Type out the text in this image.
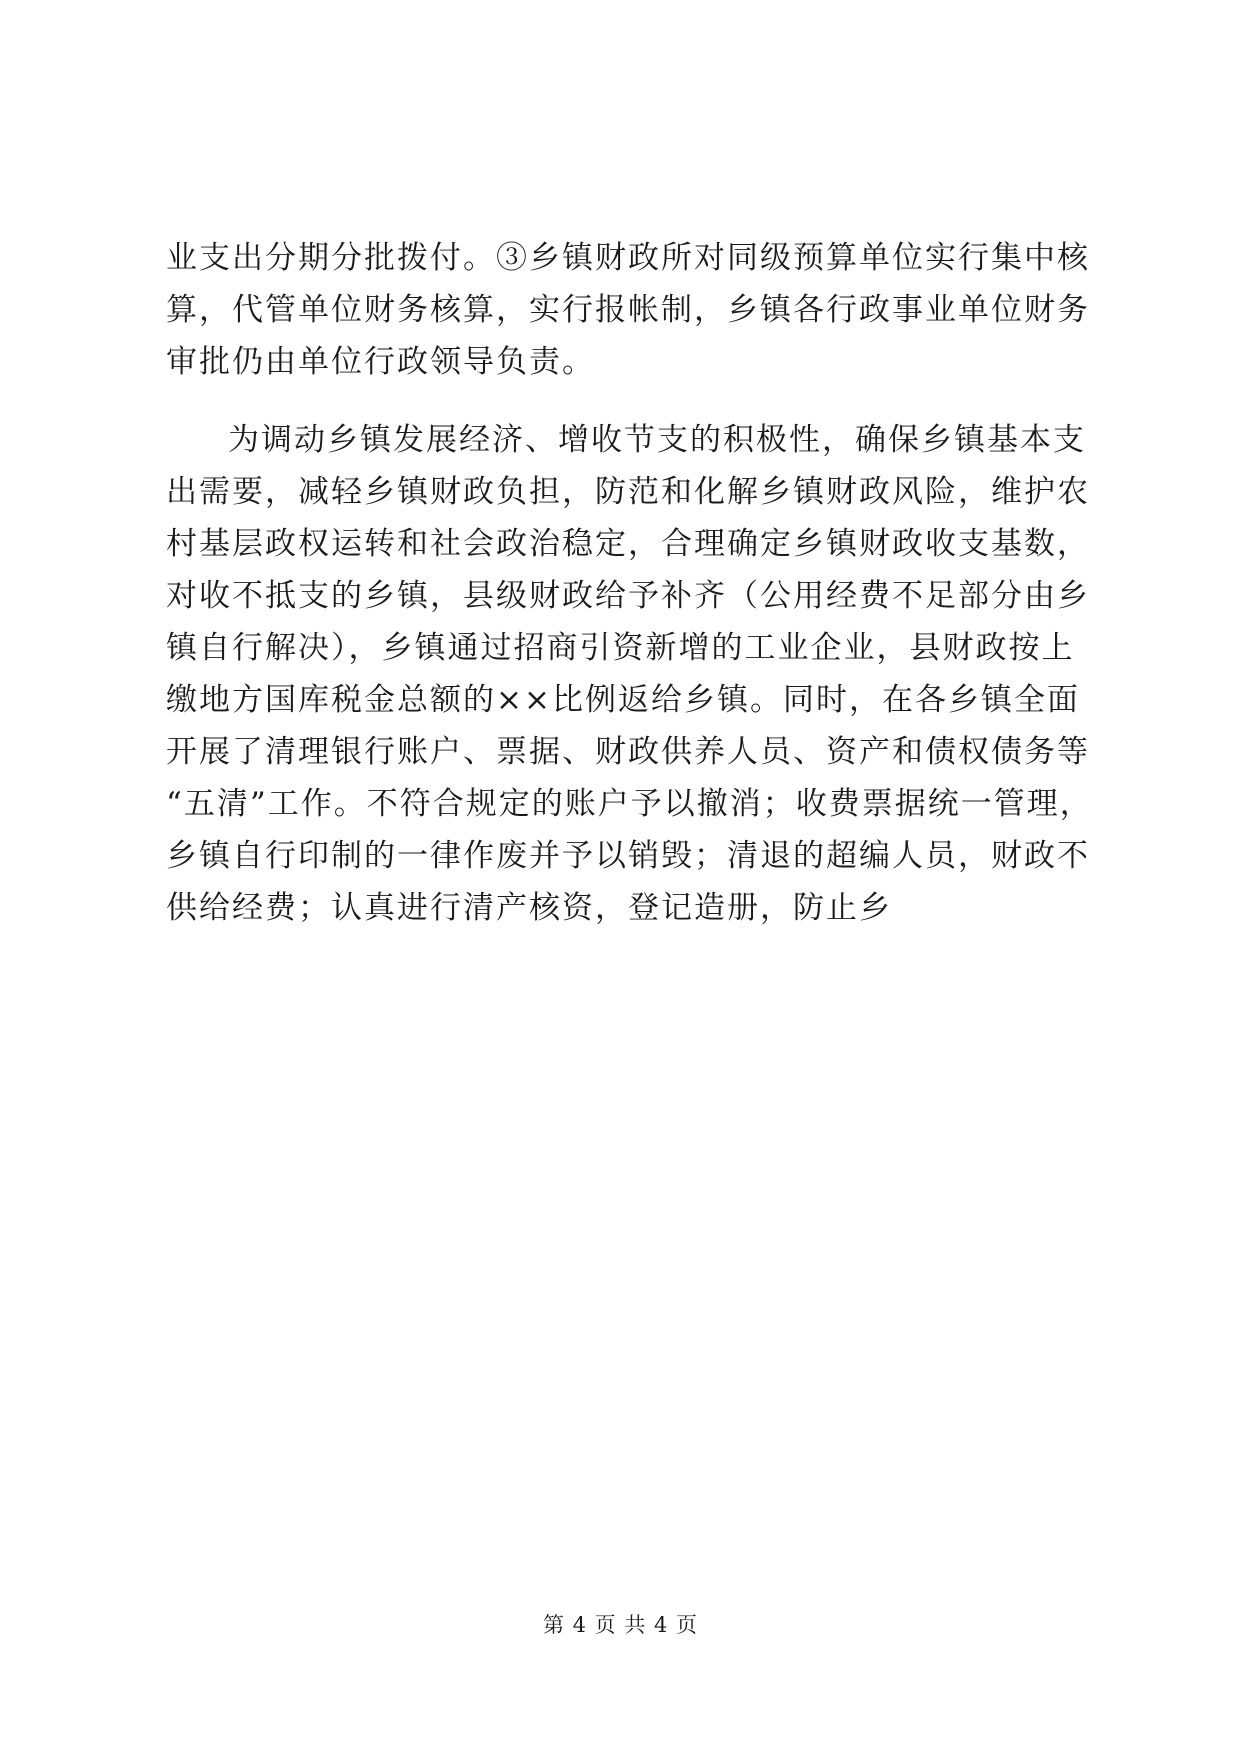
业支出分期分批拨付。③乡镇财政所对同级预算单位实行集中核
算，代管单位财务核算，实行报帐制，乡镇各行政事业单位财务
审批仍由单位行政领导负责。
为调动乡镇发展经济、增收节支的积极性，确保乡镇基本支
出需要，减轻乡镇财政负担，防范和化解乡镇财政风险，维护农
村基层政权运转和社会政治稳定，合理确定乡镇财政收支基数，
对收不抵支的乡镇，县级财政给予补齐（公用经费不足部分由乡
镇自行解决），乡镇通过招商引资新增的工业企业，县财政按上
缴地方国库税金总额的××比例返给乡镇。同时，在各乡镇全面
开展了清理银行账户、票据、财政供养人员、资产和债权债务等
“五清”工作。不符合规定的账户予以撤消；收费票据统一管理，
乡镇自行印制的一律作废并予以销毁；清退的超编人员，财政不
供给经费；认真进行清产核资，登记造册，防止乡
第 4 页 共 4 页
